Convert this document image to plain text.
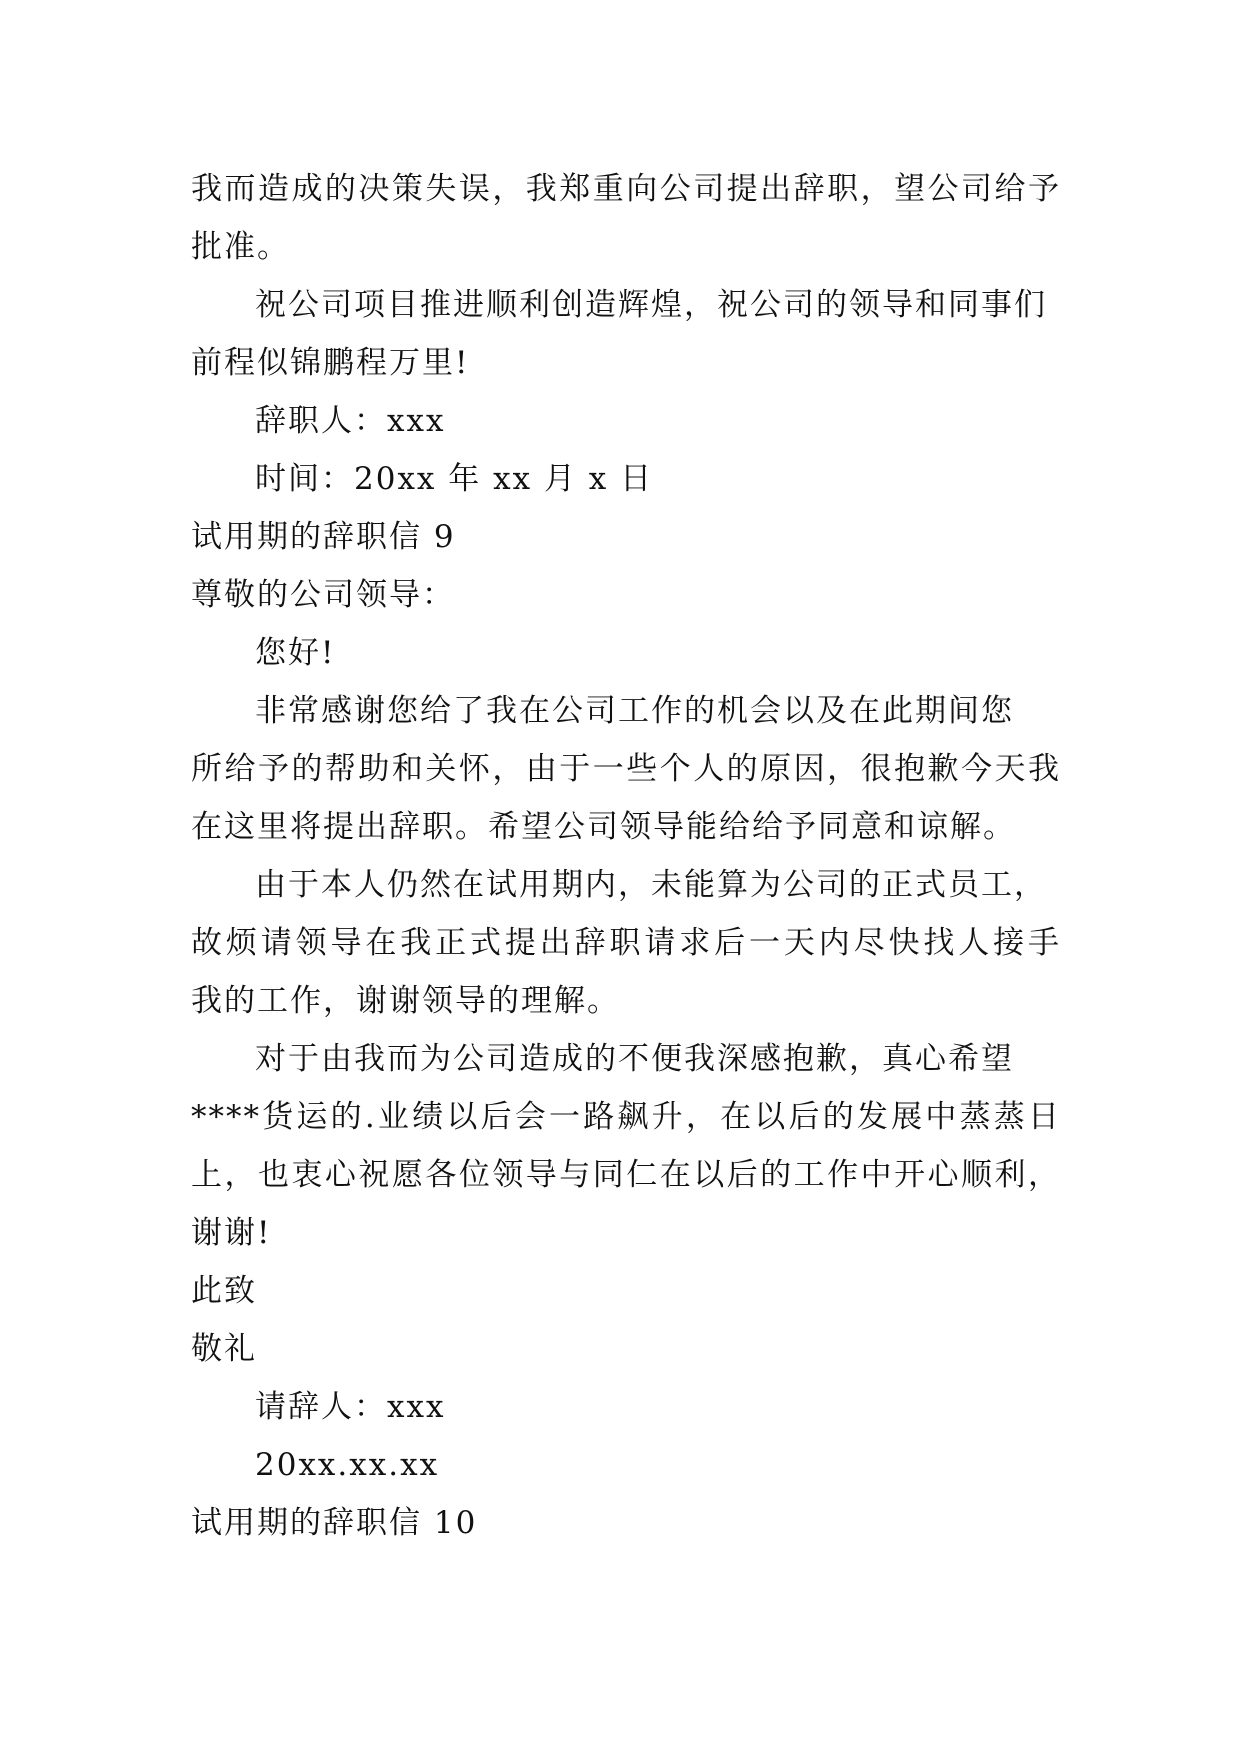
我而造成的决策失误，我郑重向公司提出辞职，望公司给予
批准。
祝公司项目推进顺利创造辉煌，祝公司的领导和同事们
前程似锦鹏程万里!
辞职人：xxx
时间：20xx 年 xx 月 x 日
试用期的辞职信 9
尊敬的公司领导：
您好!
非常感谢您给了我在公司工作的机会以及在此期间您
所给予的帮助和关怀，由于一些个人的原因，很抱歉今天我
在这里将提出辞职。希望公司领导能给给予同意和谅解。
由于本人仍然在试用期内，未能算为公司的正式员工，
故烦请领导在我正式提出辞职请求后一天内尽快找人接手
我的工作，谢谢领导的理解。
对于由我而为公司造成的不便我深感抱歉，真心希望
****货运的.业绩以后会一路飙升，在以后的发展中蒸蒸日
上，也衷心祝愿各位领导与同仁在以后的工作中开心顺利，
谢谢!
此致
敬礼
请辞人：xxx
20xx.xx.xx
试用期的辞职信 10
